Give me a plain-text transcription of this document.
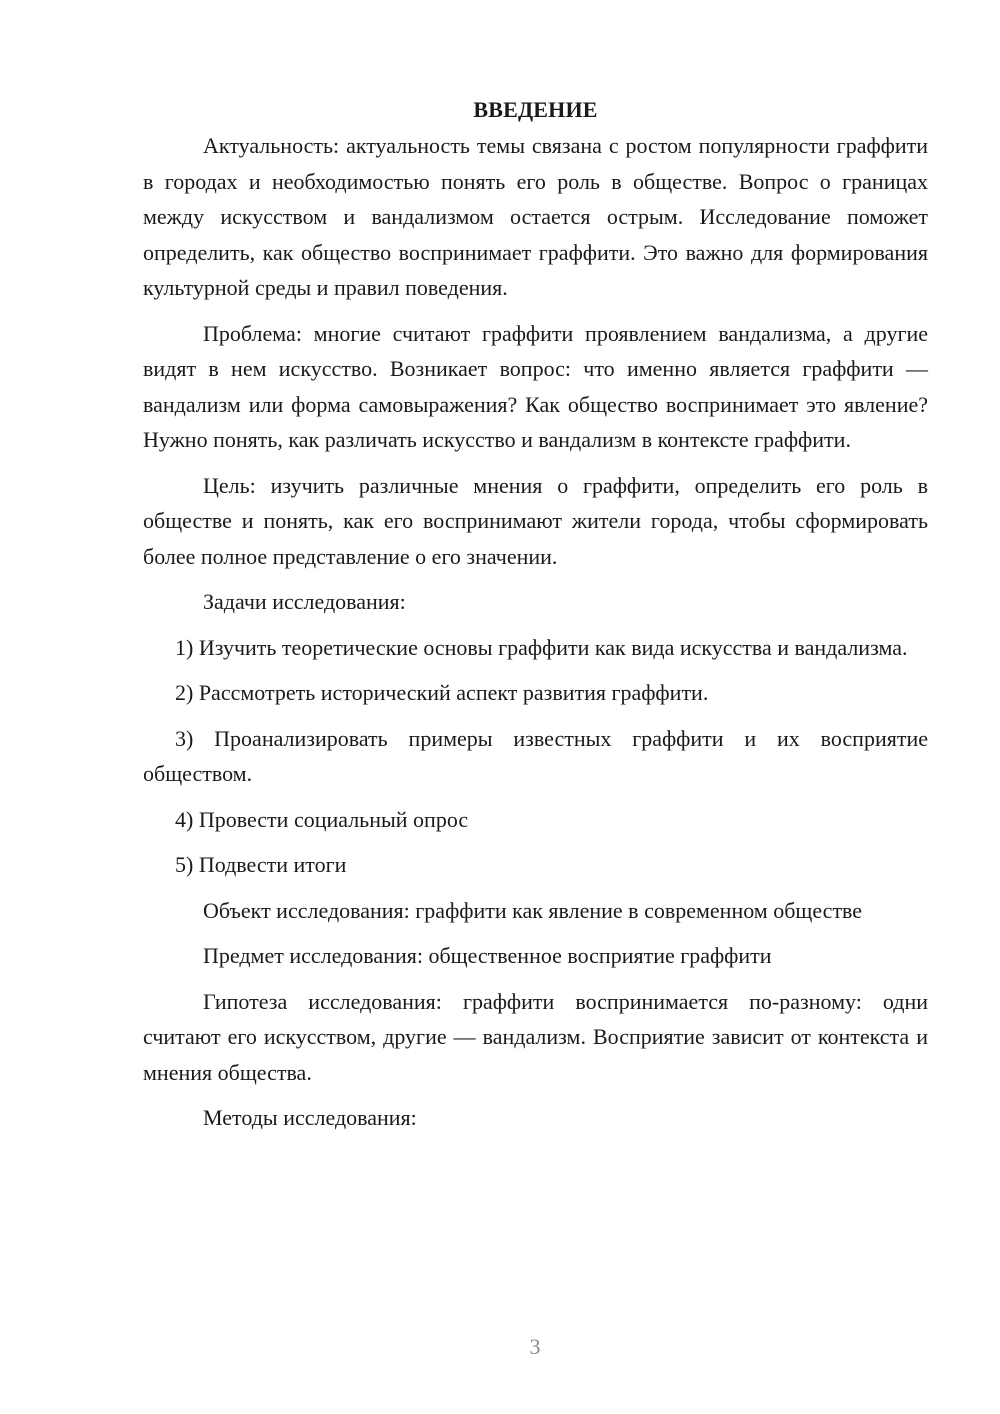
ВВЕДЕНИЕ

Актуальность: актуальность темы связана с ростом популярности граффити в городах и необходимостью понять его роль в обществе. Вопрос о границах между искусством и вандализмом остается острым. Исследование поможет определить, как общество воспринимает граффити. Это важно для формирования культурной среды и правил поведения.

Проблема: многие считают граффити проявлением вандализма, а другие видят в нем искусство. Возникает вопрос: что именно является граффити — вандализм или форма самовыражения? Как общество воспринимает это явление? Нужно понять, как различать искусство и вандализм в контексте граффити.

Цель: изучить различные мнения о граффити, определить его роль в обществе и понять, как его воспринимают жители города, чтобы сформировать более полное представление о его значении.

Задачи исследования:

1) Изучить теоретические основы граффити как вида искусства и вандализма.

2) Рассмотреть исторический аспект развития граффити.

3) Проанализировать примеры известных граффити и их восприятие обществом.

4) Провести социальный опрос

5) Подвести итоги

Объект исследования: граффити как явление в современном обществе

Предмет исследования: общественное восприятие граффити

Гипотеза исследования: граффити воспринимается по-разному: одни считают его искусством, другие — вандализм. Восприятие зависит от контекста и мнения общества.

Методы исследования:

3
